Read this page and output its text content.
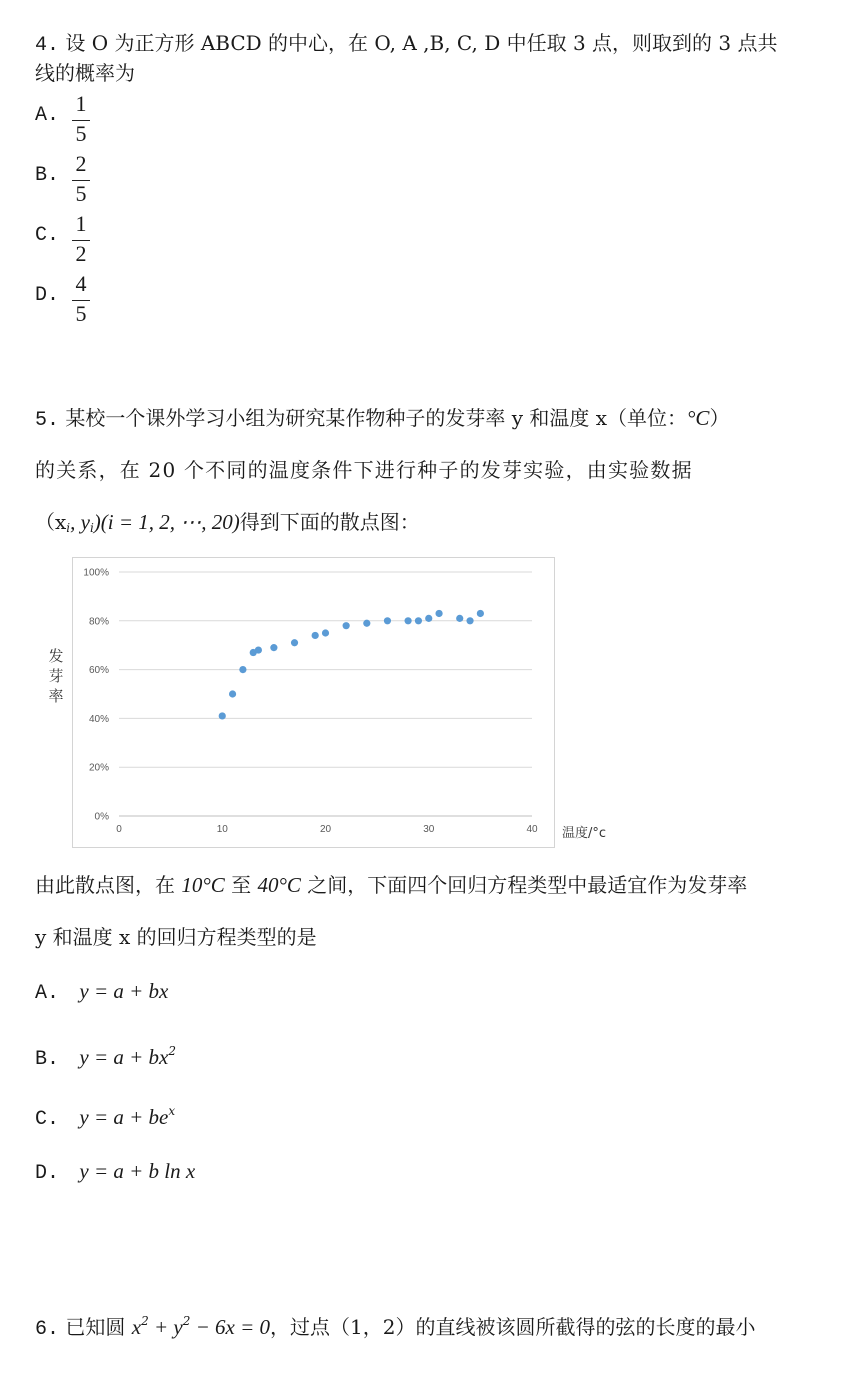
4. 设 O 为正方形 ABCD 的中心，在 O, A ,B, C, D 中任取 3 点，则取到的 3 点共
线的概率为
A. 1
5
B. 2
5
C. 1
2
D. 4
5
5. 某校一个课外学习小组为研究某作物种子的发芽率 y 和温度 x（单位：°C）
的关系，在 20 个不同的温度条件下进行种子的发芽实验，由实验数据
（$x_i$, $y_i)(i = 1$, 2, ⋯, 20)得到下面的散点图：
发芽率
0%
20%
40%
60%
80%
100%
0	10	20	30	40 温度/°c
由此散点图，在 10°C 至 40°C 之间，下面四个回归方程类型中最适宜作为发芽率
y 和温度 x 的回归方程类型的是
A. y = a + bx
B. $y = a + bx^2$
C. $y = a + be^x$
D. y = a + b ln x
6. 已知圆 $x^2 + y^2 - 6x = 0$，过点（1，2）的直线被该圆所截得的弦的长度的最小
